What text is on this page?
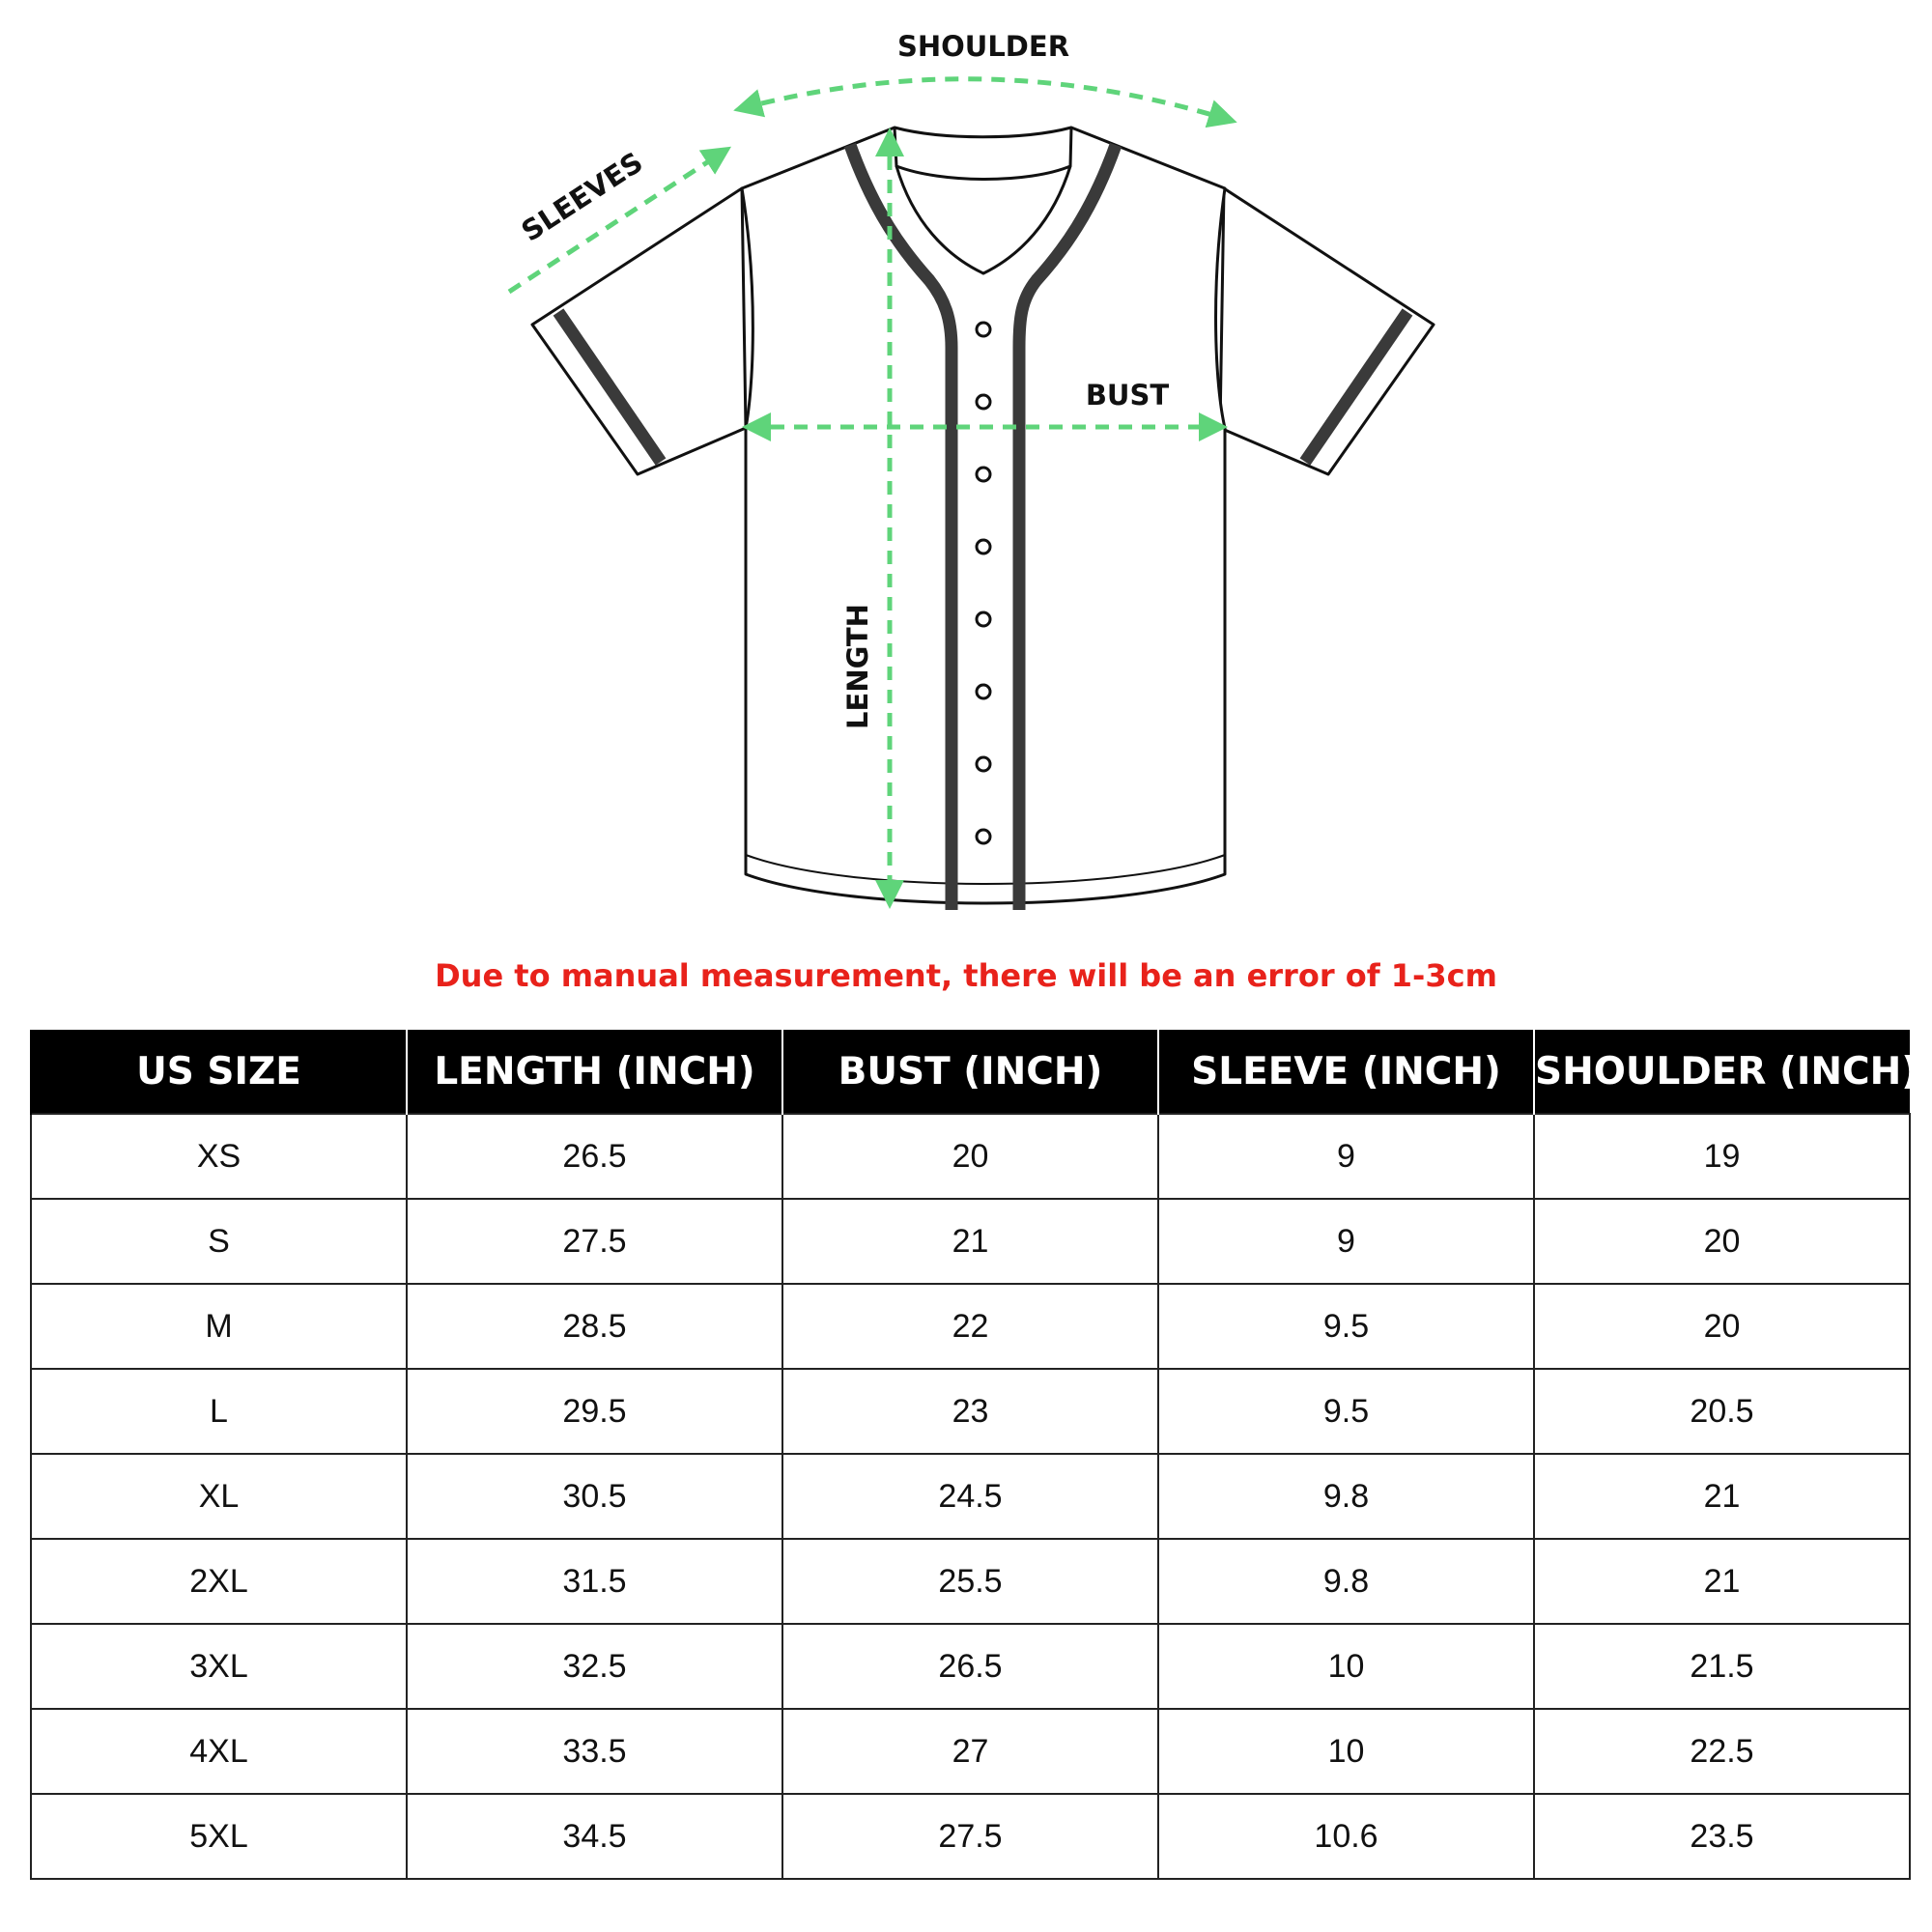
SHOULDER
SLEEVES
BUST
LENGTH
Due to manual measurement, there will be an error of 1-3cm
US SIZE	LENGTH (INCH)	BUST (INCH)	SLEEVE (INCH)	SHOULDER (INCH)
XS	26.5	20	9	19
S	27.5	21	9	20
M	28.5	22	9.5	20
L	29.5	23	9.5	20.5
XL	30.5	24.5	9.8	21
2XL	31.5	25.5	9.8	21
3XL	32.5	26.5	10	21.5
4XL	33.5	27	10	22.5
5XL	34.5	27.5	10.6	23.5
